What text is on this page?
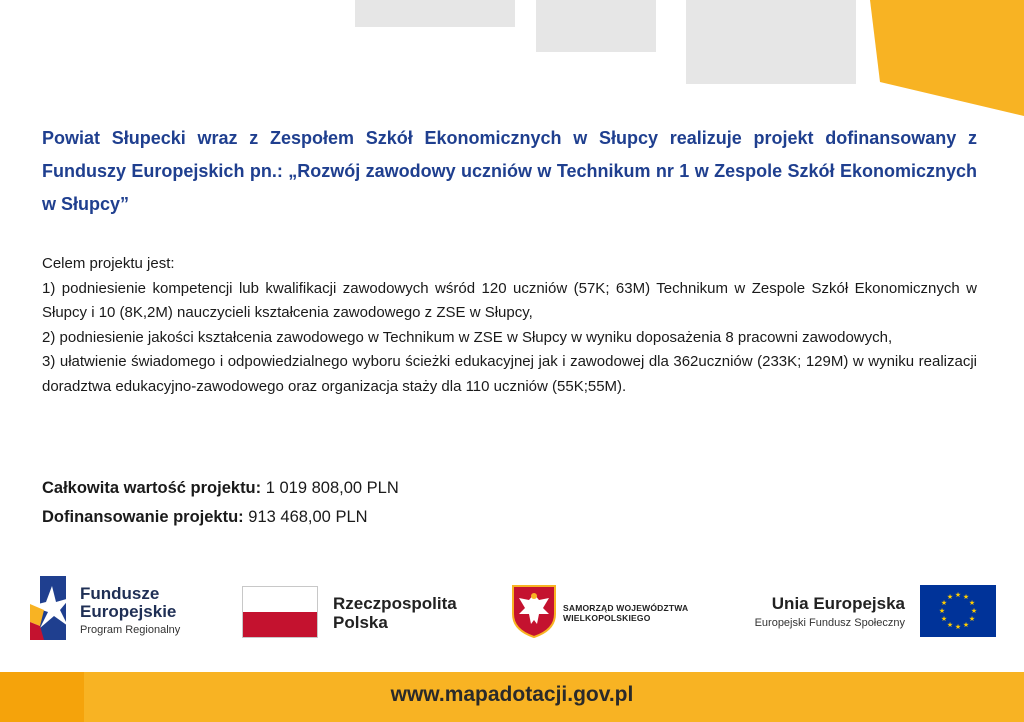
Powiat Słupecki wraz z Zespołem Szkół Ekonomicznych w Słupcy realizuje projekt dofinansowany z Funduszy Europejskich pn.: „Rozwój zawodowy uczniów w Technikum nr 1 w Zespole Szkół Ekonomicznych w Słupcy”

Celem projektu jest:

1) podniesienie kompetencji lub kwalifikacji zawodowych wśród 120 uczniów (57K; 63M) Technikum w Zespole Szkół Ekonomicznych w Słupcy i 10 (8K,2M) nauczycieli kształcenia zawodowego z ZSE w Słupcy,

2) podniesienie jakości kształcenia zawodowego w Technikum w ZSE w Słupcy w wyniku doposażenia 8 pracowni zawodowych,

3) ułatwienie świadomego i odpowiedzialnego wyboru ścieżki edukacyjnej jak i zawodowej dla 362uczniów (233K; 129M) w wyniku realizacji doradztwa edukacyjno-zawodowego oraz organizacja staży dla 110 uczniów (55K;55M).

Całkowita wartość projektu: 1 019 808,00 PLN
Dofinansowanie projektu: 913 468,00 PLN
Fundusze
Europejskie
Program Regionalny
Rzeczpospolita
Polska
SAMORZĄD WOJEWÓDZTWA
WIELKOPOLSKIEGO
Unia Europejska
Europejski Fundusz Społeczny
★ ★
★
★
★
★
★
★
★
★
★
★
www.mapadotacji.gov.pl
